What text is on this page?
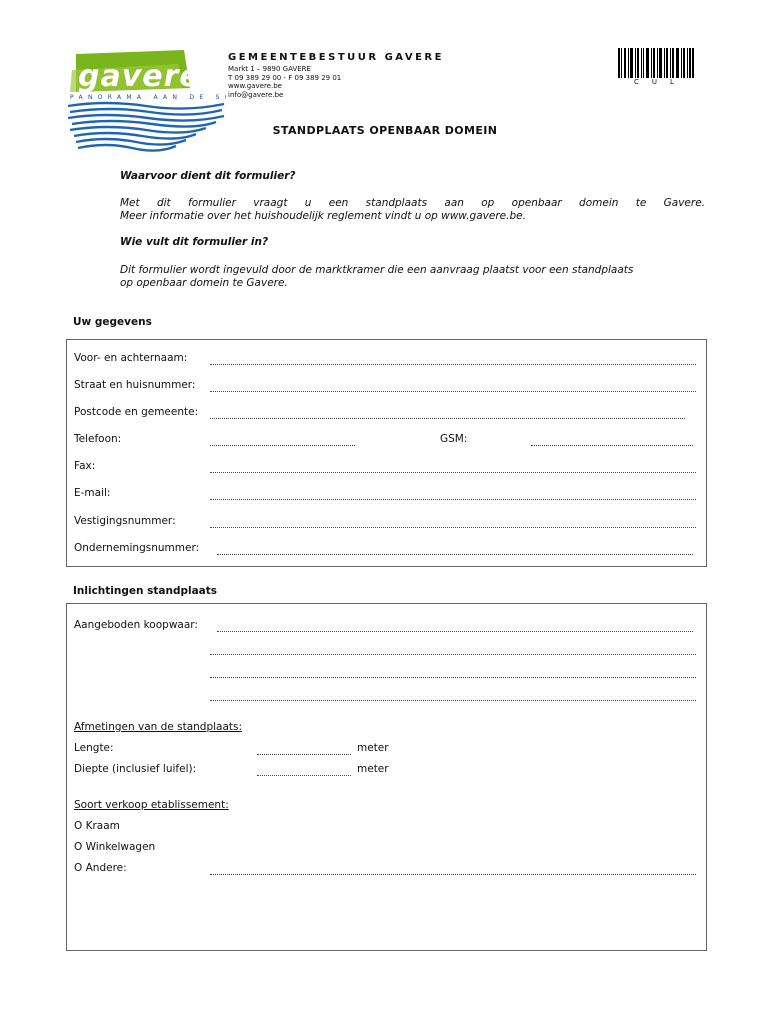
gavere
PANORAMA AAN DE S
GEMEENTEBESTUUR GAVERE
Markt 1 – 9890 GAVERE
T 09 389 29 00 - F 09 389 29 01
www.gavere.be
info@gavere.be
CUL
STANDPLAATS OPENBAAR DOMEIN
Waarvoor dient dit formulier?
Met dit formulier vraagt u een standplaats aan op openbaar domein te Gavere.
Meer informatie over het huishoudelijk reglement vindt u op www.gavere.be.
Wie vult dit formulier in?
Dit formulier wordt ingevuld door de marktkramer die een aanvraag plaatst voor een standplaats
op openbaar domein te Gavere.
Uw gegevens
Voor- en achternaam:
Straat en huisnummer:
Postcode en gemeente:
Telefoon:	GSM:
Fax:
E-mail:
Vestigingsnummer:
Ondernemingsnummer:
Inlichtingen standplaats
Aangeboden koopwaar:
Afmetingen van de standplaats:
Lengte:	meter
Diepte (inclusief luifel):	meter
Soort verkoop etablissement:
O Kraam
O Winkelwagen
O Andere:
